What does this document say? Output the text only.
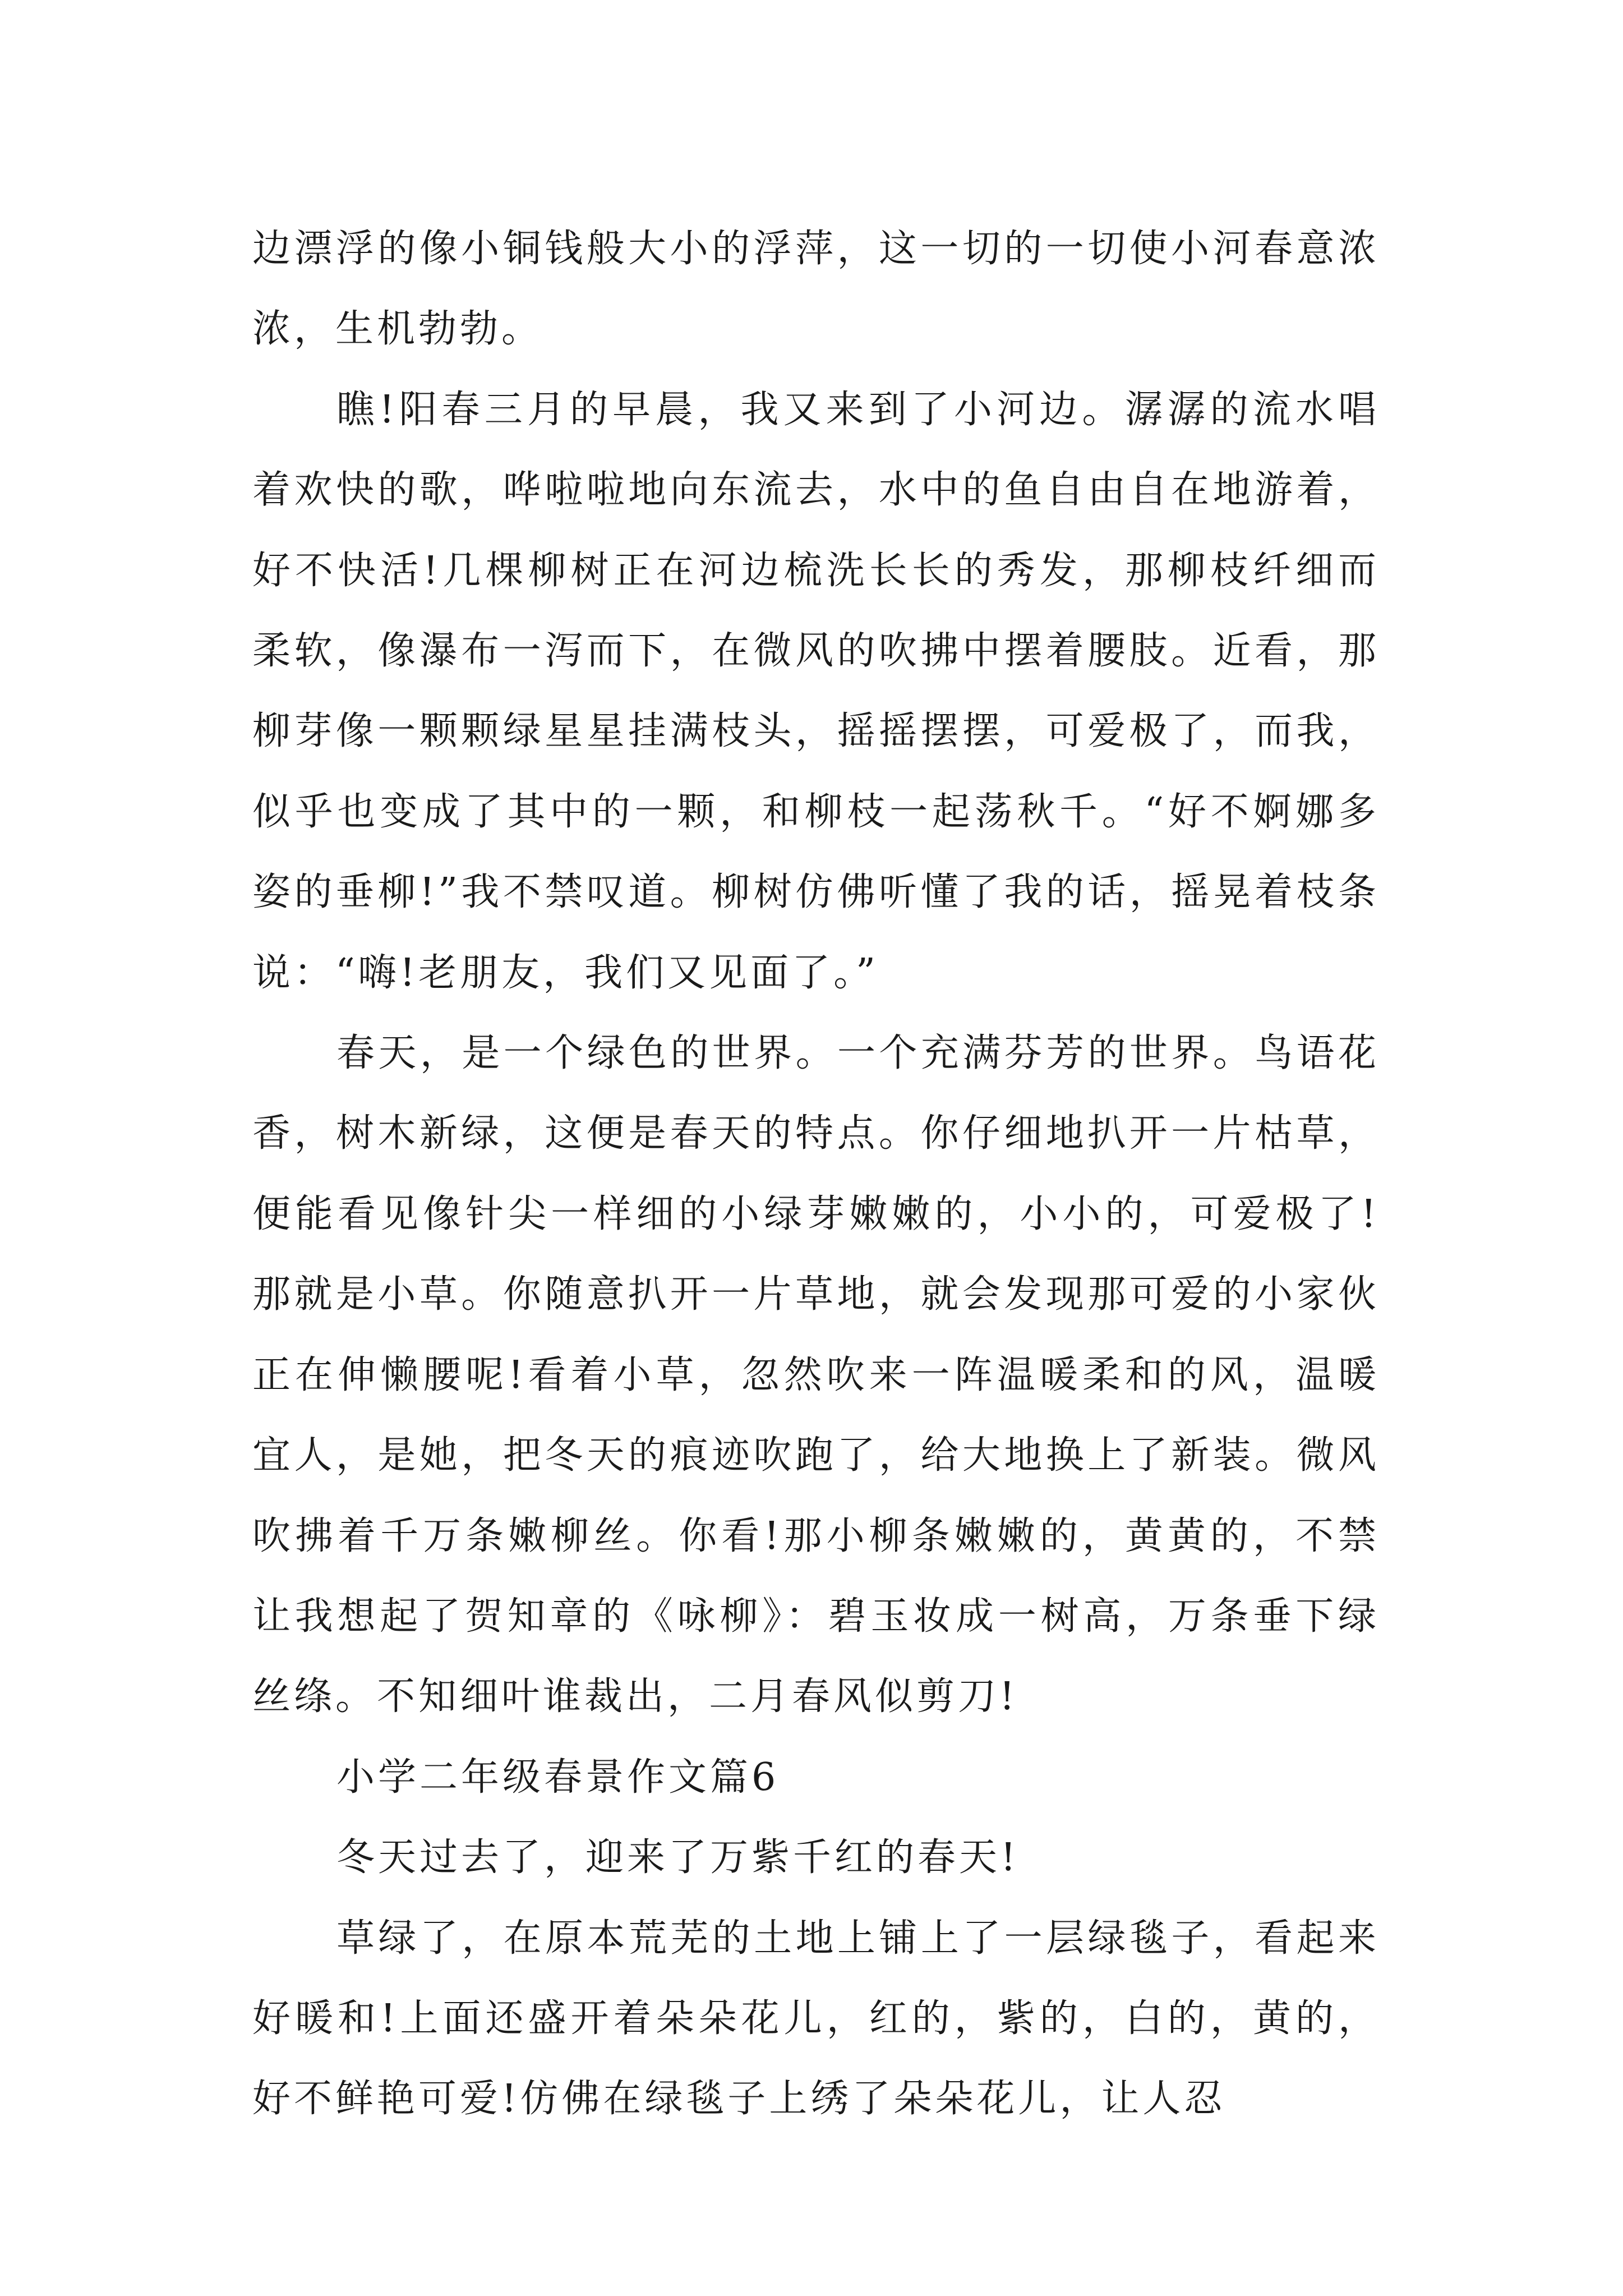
边漂浮的像小铜钱般大小的浮萍，这一切的一切使小河春意浓浓，生机勃勃。

瞧!阳春三月的早晨，我又来到了小河边。潺潺的流水唱着欢快的歌，哗啦啦地向东流去，水中的鱼自由自在地游着，好不快活!几棵柳树正在河边梳洗长长的秀发，那柳枝纤细而柔软，像瀑布一泻而下，在微风的吹拂中摆着腰肢。近看，那柳芽像一颗颗绿星星挂满枝头，摇摇摆摆，可爱极了，而我，似乎也变成了其中的一颗，和柳枝一起荡秋千。“好不婀娜多姿的垂柳!”我不禁叹道。柳树仿佛听懂了我的话，摇晃着枝条说：“嗨!老朋友，我们又见面了。”

春天，是一个绿色的世界。一个充满芬芳的世界。鸟语花香，树木新绿，这便是春天的特点。你仔细地扒开一片枯草，便能看见像针尖一样细的小绿芽嫩嫩的，小小的，可爱极了!那就是小草。你随意扒开一片草地，就会发现那可爱的小家伙正在伸懒腰呢!看着小草，忽然吹来一阵温暖柔和的风，温暖宜人，是她，把冬天的痕迹吹跑了，给大地换上了新装。微风吹拂着千万条嫩柳丝。你看!那小柳条嫩嫩的，黄黄的，不禁让我想起了贺知章的《咏柳》：碧玉妆成一树高，万条垂下绿丝绦。不知细叶谁裁出，二月春风似剪刀!

小学二年级春景作文篇6

冬天过去了，迎来了万紫千红的春天!

草绿了，在原本荒芜的土地上铺上了一层绿毯子，看起来好暖和!上面还盛开着朵朵花儿，红的，紫的，白的，黄的，好不鲜艳可爱!仿佛在绿毯子上绣了朵朵花儿，让人忍
